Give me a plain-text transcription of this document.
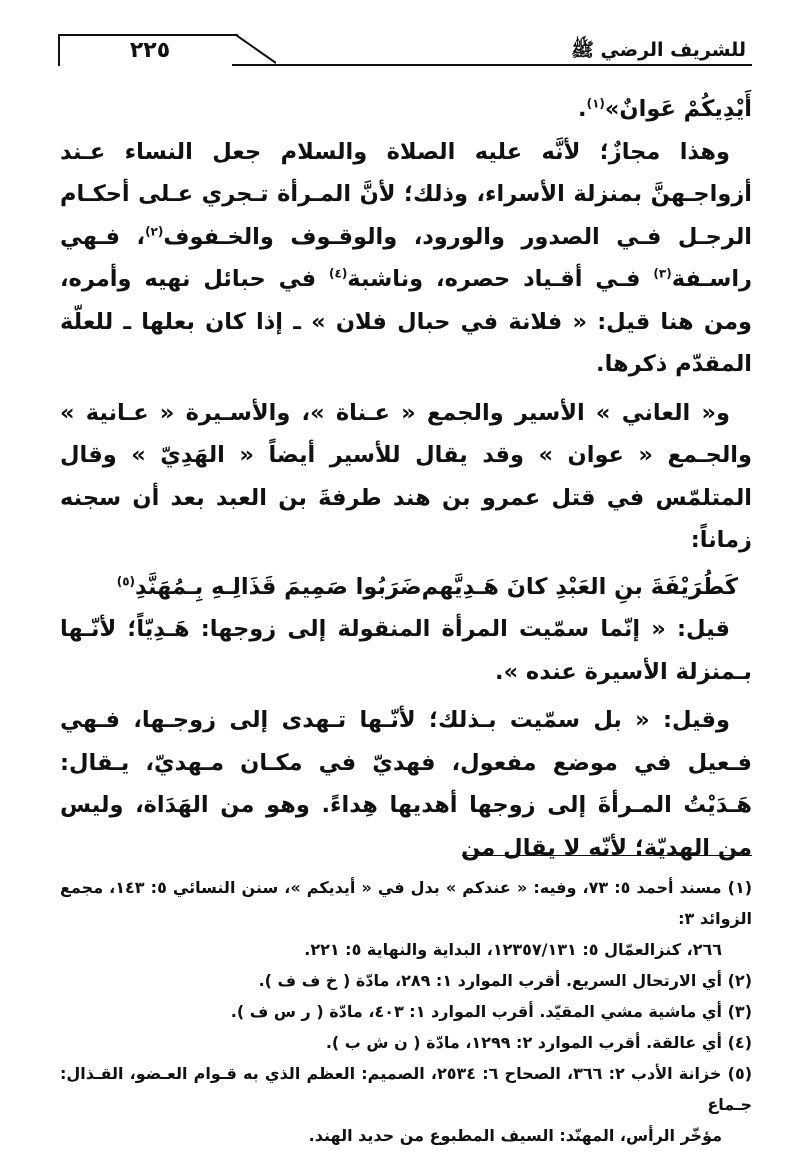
للشريف الرضي ﷺ
٢٢٥

أَيْدِيكُمْ عَوانٌ»$^{(١)}$.

وهذا مجازٌ؛ لأنَّه عليه الصلاة والسلام جعل النساء عـند أزواجـهنَّ بمنزلة الأسراء، وذلك؛ لأنَّ المـرأة تـجري عـلى أحكـام الرجـل فـي الصدور والورود، والوقـوف والخـفوف$^{(٢)}$، فـهي راسـفة$^{(٣)}$ فـي أقـياد حصره، وناشبة$^{(٤)}$ في حبائل نهيه وأمره، ومن هنا قيل: « فلانة في حبال فلان » ـ إذا كان بعلها ـ للعلّة المقدّم ذكرها.

و« العاني » الأسير والجمع « عـناة »، والأسـيرة « عـانية » والجـمع « عوان » وقد يقال للأسير أيضاً « الهَدِيّ » وقال المتلمّس في قتل عمرو بن هند طرفةَ بن العبد بعد أن سجنه زماناً:

كَطُرَيْفَةَ بنِ العَبْدِ كانَ هَـدِيَّهم
ضَرَبُوا صَمِيمَ قَذَالِـهِ بِـمُهَنَّدِ$^{(٥)}$

قيل: « إنّما سمّيت المرأة المنقولة إلى زوجها: هَـدِيّاً؛ لأنّـها بـمنزلة الأسيرة عنده ».

وقيل: « بل سمّيت بـذلك؛ لأنّـها تـهدى إلى زوجـها، فـهي فـعيل في موضع مفعول، فهديّ في مكـان مـهديّ، يـقال: هَـدَيْتُ المـرأةَ إلى زوجها أهديها هِداءً. وهو من الهَدَاة، وليس من الهديّة؛ لأنّه لا يقال من

(١) مسند أحمد ٥: ٧٣، وفيه: « عندكم » بدل في « أيديكم »، سنن النسائي ٥: ١٤٣، مجمع الزوائد ٣:
٢٦٦، كنزالعمّال ٥: ١٢٣٥٧/١٣١، البداية والنهاية ٥: ٢٢١.
(٢) أي الارتحال السريع. أقرب الموارد ١: ٢٨٩، مادّة ( خ ف ف ).
(٣) أي ماشية مشي المقيّد. أقرب الموارد ١: ٤٠٣، مادّة ( ر س ف ).
(٤) أي عالقة. أقرب الموارد ٢: ١٢٩٩، مادّة ( ن ش ب ).
(٥) خزانة الأدب ٢: ٣٦٦، الصحاح ٦: ٢٥٣٤، الصميم: العظم الذي به قـوام العـضو، القـذال: جـماع
مؤخّر الرأس، المهنّد: السيف المطبوع من حديد الهند.
